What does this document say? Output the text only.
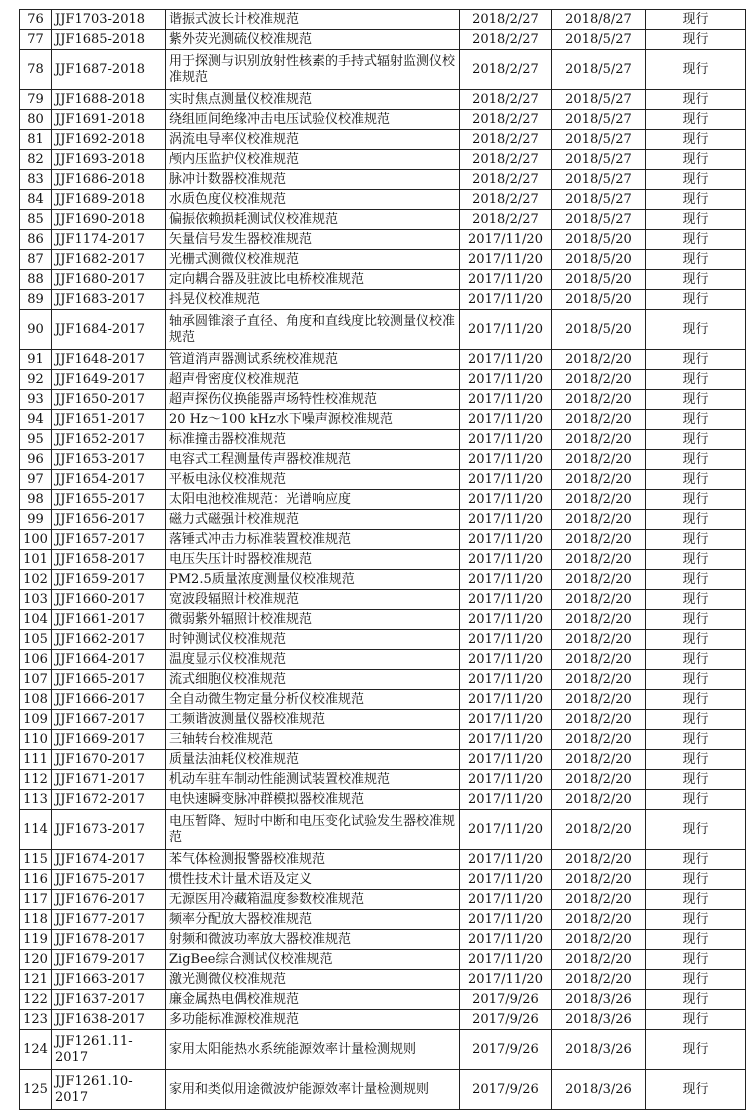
76	JJF1703-2018	谐振式波长计校准规范	2018/2/27	2018/8/27	现行
77	JJF1685-2018	紫外荧光测硫仪校准规范	2018/2/27	2018/5/27	现行
78	JJF1687-2018	用于探测与识别放射性核素的手持式辐射监测仪校准规范	2018/2/27	2018/5/27	现行
79	JJF1688-2018	实时焦点测量仪校准规范	2018/2/27	2018/5/27	现行
80	JJF1691-2018	绕组匝间绝缘冲击电压试验仪校准规范	2018/2/27	2018/5/27	现行
81	JJF1692-2018	涡流电导率仪校准规范	2018/2/27	2018/5/27	现行
82	JJF1693-2018	颅内压监护仪校准规范	2018/2/27	2018/5/27	现行
83	JJF1686-2018	脉冲计数器校准规范	2018/2/27	2018/5/27	现行
84	JJF1689-2018	水质色度仪校准规范	2018/2/27	2018/5/27	现行
85	JJF1690-2018	偏振依赖损耗测试仪校准规范	2018/2/27	2018/5/27	现行
86	JJF1174-2017	矢量信号发生器校准规范	2017/11/20	2018/5/20	现行
87	JJF1682-2017	光栅式测微仪校准规范	2017/11/20	2018/5/20	现行
88	JJF1680-2017	定向耦合器及驻波比电桥校准规范	2017/11/20	2018/5/20	现行
89	JJF1683-2017	抖晃仪校准规范	2017/11/20	2018/5/20	现行
90	JJF1684-2017	轴承圆锥滚子直径、角度和直线度比较测量仪校准规范	2017/11/20	2018/5/20	现行
91	JJF1648-2017	管道消声器测试系统校准规范	2017/11/20	2018/2/20	现行
92	JJF1649-2017	超声骨密度仪校准规范	2017/11/20	2018/2/20	现行
93	JJF1650-2017	超声探伤仪换能器声场特性校准规范	2017/11/20	2018/2/20	现行
94	JJF1651-2017	20 Hz～100 kHz水下噪声源校准规范	2017/11/20	2018/2/20	现行
95	JJF1652-2017	标准撞击器校准规范	2017/11/20	2018/2/20	现行
96	JJF1653-2017	电容式工程测量传声器校准规范	2017/11/20	2018/2/20	现行
97	JJF1654-2017	平板电泳仪校准规范	2017/11/20	2018/2/20	现行
98	JJF1655-2017	太阳电池校准规范：光谱响应度	2017/11/20	2018/2/20	现行
99	JJF1656-2017	磁力式磁强计校准规范	2017/11/20	2018/2/20	现行
100	JJF1657-2017	落锤式冲击力标准装置校准规范	2017/11/20	2018/2/20	现行
101	JJF1658-2017	电压失压计时器校准规范	2017/11/20	2018/2/20	现行
102	JJF1659-2017	PM2.5质量浓度测量仪校准规范	2017/11/20	2018/2/20	现行
103	JJF1660-2017	宽波段辐照计校准规范	2017/11/20	2018/2/20	现行
104	JJF1661-2017	微弱紫外辐照计校准规范	2017/11/20	2018/2/20	现行
105	JJF1662-2017	时钟测试仪校准规范	2017/11/20	2018/2/20	现行
106	JJF1664-2017	温度显示仪校准规范	2017/11/20	2018/2/20	现行
107	JJF1665-2017	流式细胞仪校准规范	2017/11/20	2018/2/20	现行
108	JJF1666-2017	全自动微生物定量分析仪校准规范	2017/11/20	2018/2/20	现行
109	JJF1667-2017	工频谐波测量仪器校准规范	2017/11/20	2018/2/20	现行
110	JJF1669-2017	三轴转台校准规范	2017/11/20	2018/2/20	现行
111	JJF1670-2017	质量法油耗仪校准规范	2017/11/20	2018/2/20	现行
112	JJF1671-2017	机动车驻车制动性能测试装置校准规范	2017/11/20	2018/2/20	现行
113	JJF1672-2017	电快速瞬变脉冲群模拟器校准规范	2017/11/20	2018/2/20	现行
114	JJF1673-2017	电压暂降、短时中断和电压变化试验发生器校准规范	2017/11/20	2018/2/20	现行
115	JJF1674-2017	苯气体检测报警器校准规范	2017/11/20	2018/2/20	现行
116	JJF1675-2017	惯性技术计量术语及定义	2017/11/20	2018/2/20	现行
117	JJF1676-2017	无源医用冷藏箱温度参数校准规范	2017/11/20	2018/2/20	现行
118	JJF1677-2017	频率分配放大器校准规范	2017/11/20	2018/2/20	现行
119	JJF1678-2017	射频和微波功率放大器校准规范	2017/11/20	2018/2/20	现行
120	JJF1679-2017	ZigBee综合测试仪校准规范	2017/11/20	2018/2/20	现行
121	JJF1663-2017	激光测微仪校准规范	2017/11/20	2018/2/20	现行
122	JJF1637-2017	廉金属热电偶校准规范	2017/9/26	2018/3/26	现行
123	JJF1638-2017	多功能标准源校准规范	2017/9/26	2018/3/26	现行
124	JJF1261.11-2017	家用太阳能热水系统能源效率计量检测规则	2017/9/26	2018/3/26	现行
125	JJF1261.10-2017	家用和类似用途微波炉能源效率计量检测规则	2017/9/26	2018/3/26	现行
